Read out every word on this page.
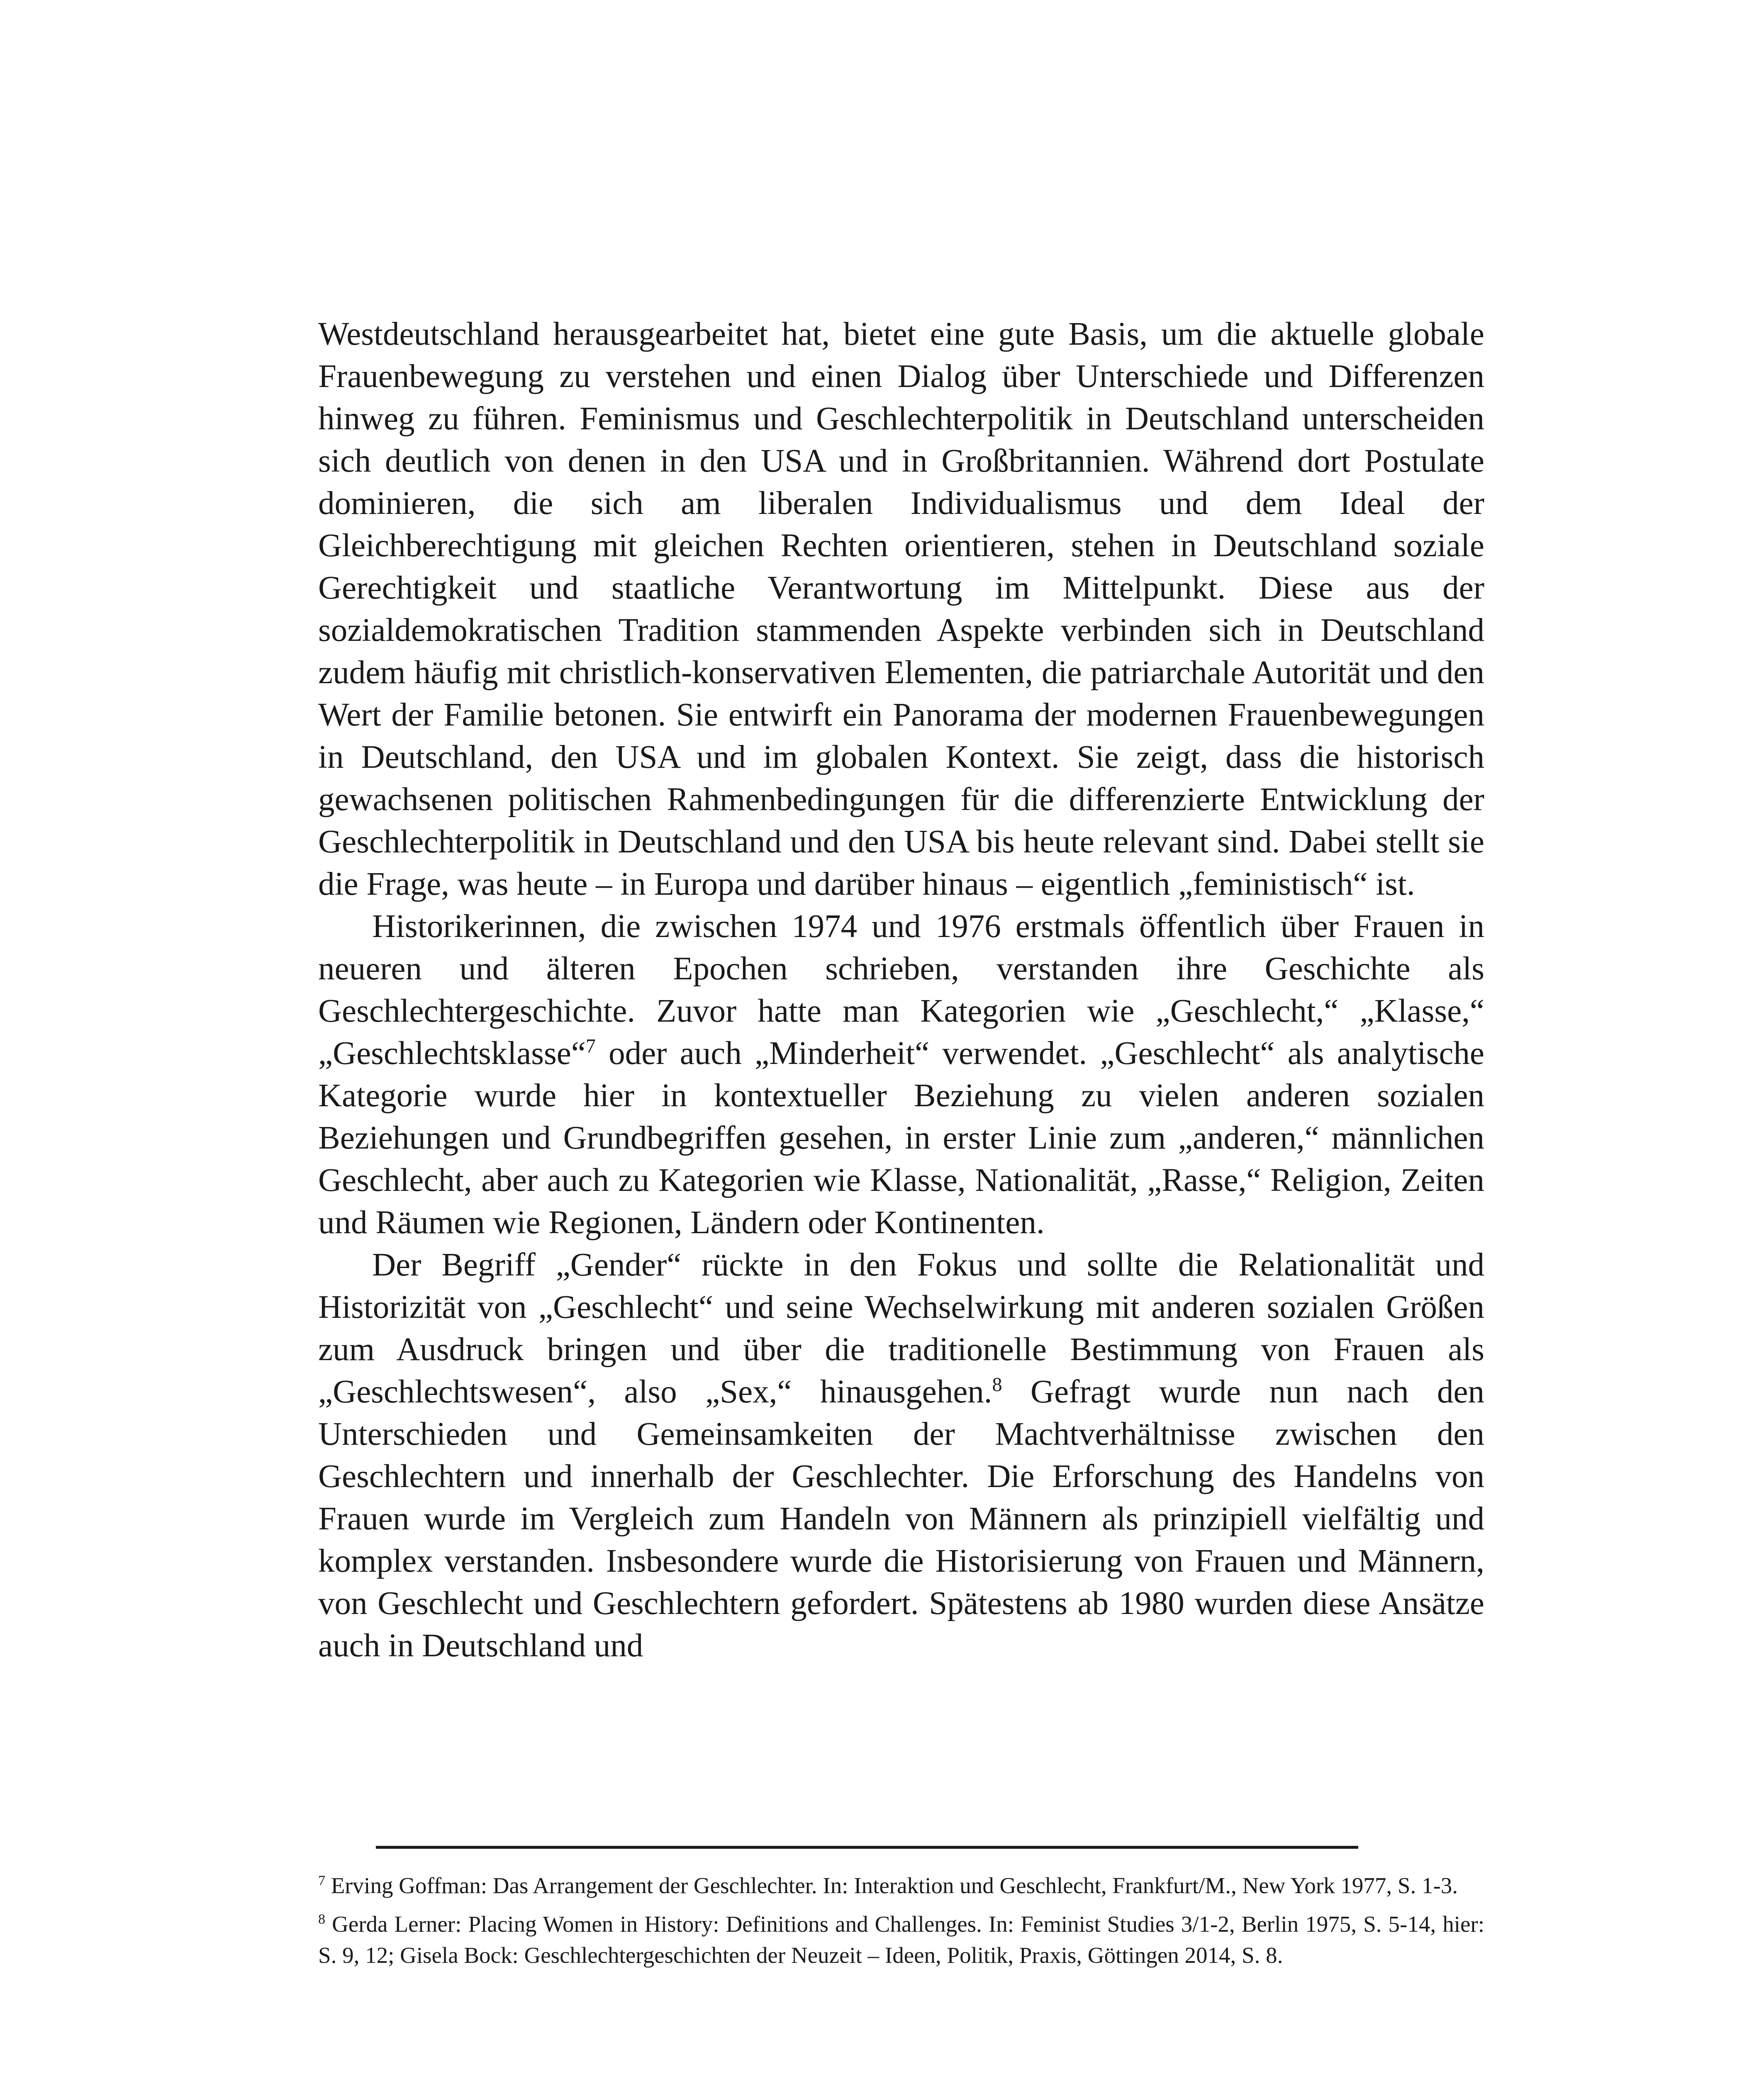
Westdeutschland herausgearbeitet hat, bietet eine gute Basis, um die aktuelle globale Frauenbewegung zu verstehen und einen Dialog über Unterschiede und Differenzen hinweg zu führen. Feminismus und Geschlechterpolitik in Deutschland unterscheiden sich deutlich von denen in den USA und in Großbritannien. Während dort Postulate dominieren, die sich am liberalen Individualismus und dem Ideal der Gleichberechtigung mit gleichen Rechten orientieren, stehen in Deutschland soziale Gerechtigkeit und staatliche Verantwortung im Mittelpunkt. Diese aus der sozialdemokratischen Tradition stammenden Aspekte verbinden sich in Deutschland zudem häufig mit christlich-konservativen Elementen, die patriarchale Autorität und den Wert der Familie betonen. Sie entwirft ein Panorama der modernen Frauenbewegungen in Deutschland, den USA und im globalen Kontext. Sie zeigt, dass die historisch gewachsenen politischen Rahmenbedingungen für die differenzierte Entwicklung der Geschlechterpolitik in Deutschland und den USA bis heute relevant sind. Dabei stellt sie die Frage, was heute – in Europa und darüber hinaus – eigentlich „feministisch“ ist.

Historikerinnen, die zwischen 1974 und 1976 erstmals öffentlich über Frauen in neueren und älteren Epochen schrieben, verstanden ihre Geschichte als Geschlechtergeschichte. Zuvor hatte man Kategorien wie „Geschlecht,“ „Klasse,“ „Geschlechtsklasse“$^7$ oder auch „Minderheit“ verwendet. „Geschlecht“ als analytische Kategorie wurde hier in kontextueller Beziehung zu vielen anderen sozialen Beziehungen und Grundbegriffen gesehen, in erster Linie zum „anderen,“ männlichen Geschlecht, aber auch zu Kategorien wie Klasse, Nationalität, „Rasse,“ Religion, Zeiten und Räumen wie Regionen, Ländern oder Kontinenten.

Der Begriff „Gender“ rückte in den Fokus und sollte die Relationalität und Historizität von „Geschlecht“ und seine Wechselwirkung mit anderen sozialen Größen zum Ausdruck bringen und über die traditionelle Bestimmung von Frauen als „Geschlechtswesen“, also „Sex,“ hinausgehen.$^8$ Gefragt wurde nun nach den Unterschieden und Gemeinsamkeiten der Machtverhältnisse zwischen den Geschlechtern und innerhalb der Geschlechter. Die Erforschung des Handelns von Frauen wurde im Vergleich zum Handeln von Männern als prinzipiell vielfältig und komplex verstanden. Insbesondere wurde die Historisierung von Frauen und Männern, von Geschlecht und Geschlechtern gefordert. Spätestens ab 1980 wurden diese Ansätze auch in Deutschland und

$^7$ Erving Goffman: Das Arrangement der Geschlechter. In: Interaktion und Geschlecht, Frankfurt/M., New York 1977, S. 1-3.

$^8$ Gerda Lerner: Placing Women in History: Definitions and Challenges. In: Feminist Studies 3/1-2, Berlin 1975, S. 5-14, hier: S. 9, 12; Gisela Bock: Geschlechtergeschichten der Neuzeit – Ideen, Politik, Praxis, Göttingen 2014, S. 8.
